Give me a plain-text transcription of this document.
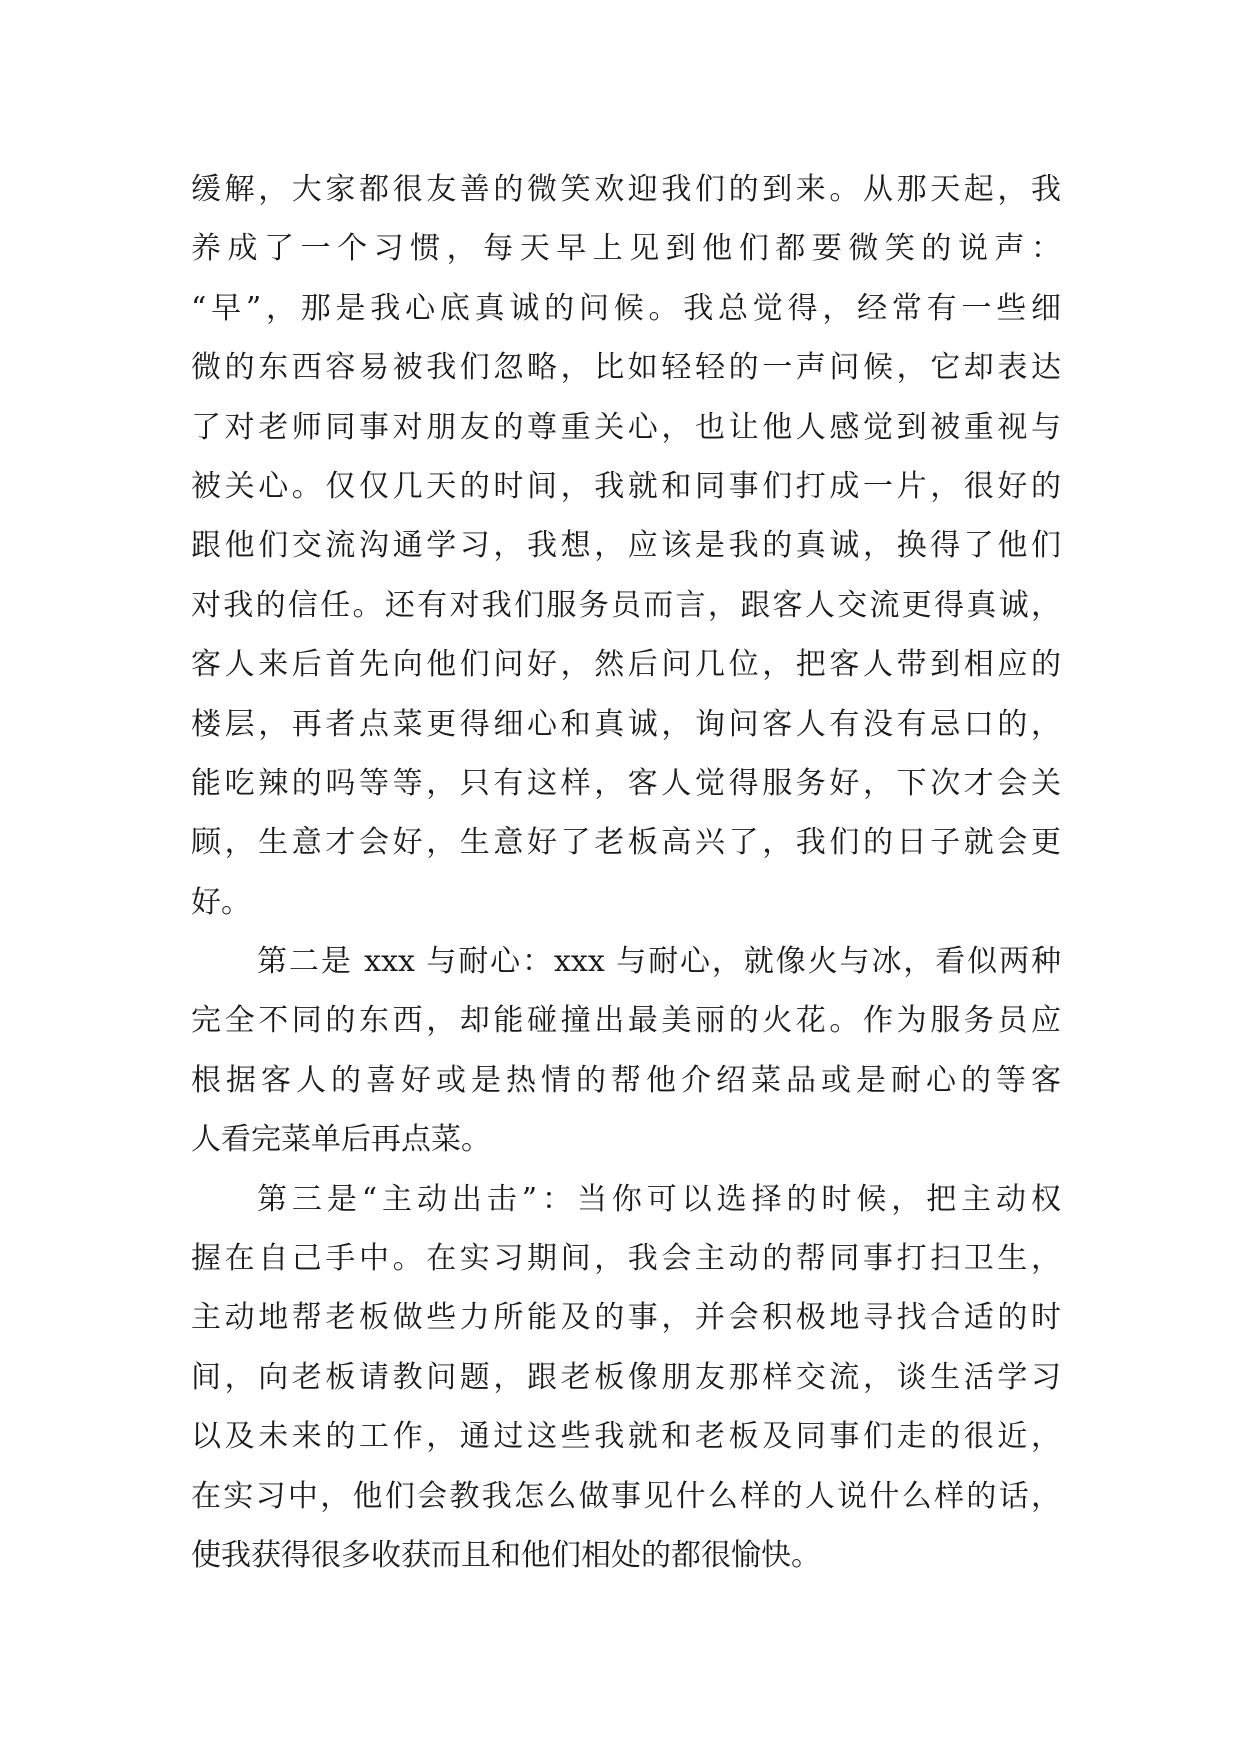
缓解，大家都很友善的微笑欢迎我们的到来。从那天起，我
养成了一个习惯，每天早上见到他们都要微笑的说声：
“早”，那是我心底真诚的问候。我总觉得，经常有一些细
微的东西容易被我们忽略，比如轻轻的一声问候，它却表达
了对老师同事对朋友的尊重关心，也让他人感觉到被重视与
被关心。仅仅几天的时间，我就和同事们打成一片，很好的
跟他们交流沟通学习，我想，应该是我的真诚，换得了他们
对我的信任。还有对我们服务员而言，跟客人交流更得真诚，
客人来后首先向他们问好，然后问几位，把客人带到相应的
楼层，再者点菜更得细心和真诚，询问客人有没有忌口的，
能吃辣的吗等等，只有这样，客人觉得服务好，下次才会关
顾，生意才会好，生意好了老板高兴了，我们的日子就会更
好。
第二是 xxx 与耐心：xxx 与耐心，就像火与冰，看似两种
完全不同的东西，却能碰撞出最美丽的火花。作为服务员应
根据客人的喜好或是热情的帮他介绍菜品或是耐心的等客
人看完菜单后再点菜。
第三是“主动出击”：当你可以选择的时候，把主动权
握在自己手中。在实习期间，我会主动的帮同事打扫卫生，
主动地帮老板做些力所能及的事，并会积极地寻找合适的时
间，向老板请教问题，跟老板像朋友那样交流，谈生活学习
以及未来的工作，通过这些我就和老板及同事们走的很近，
在实习中，他们会教我怎么做事见什么样的人说什么样的话，
使我获得很多收获而且和他们相处的都很愉快。
